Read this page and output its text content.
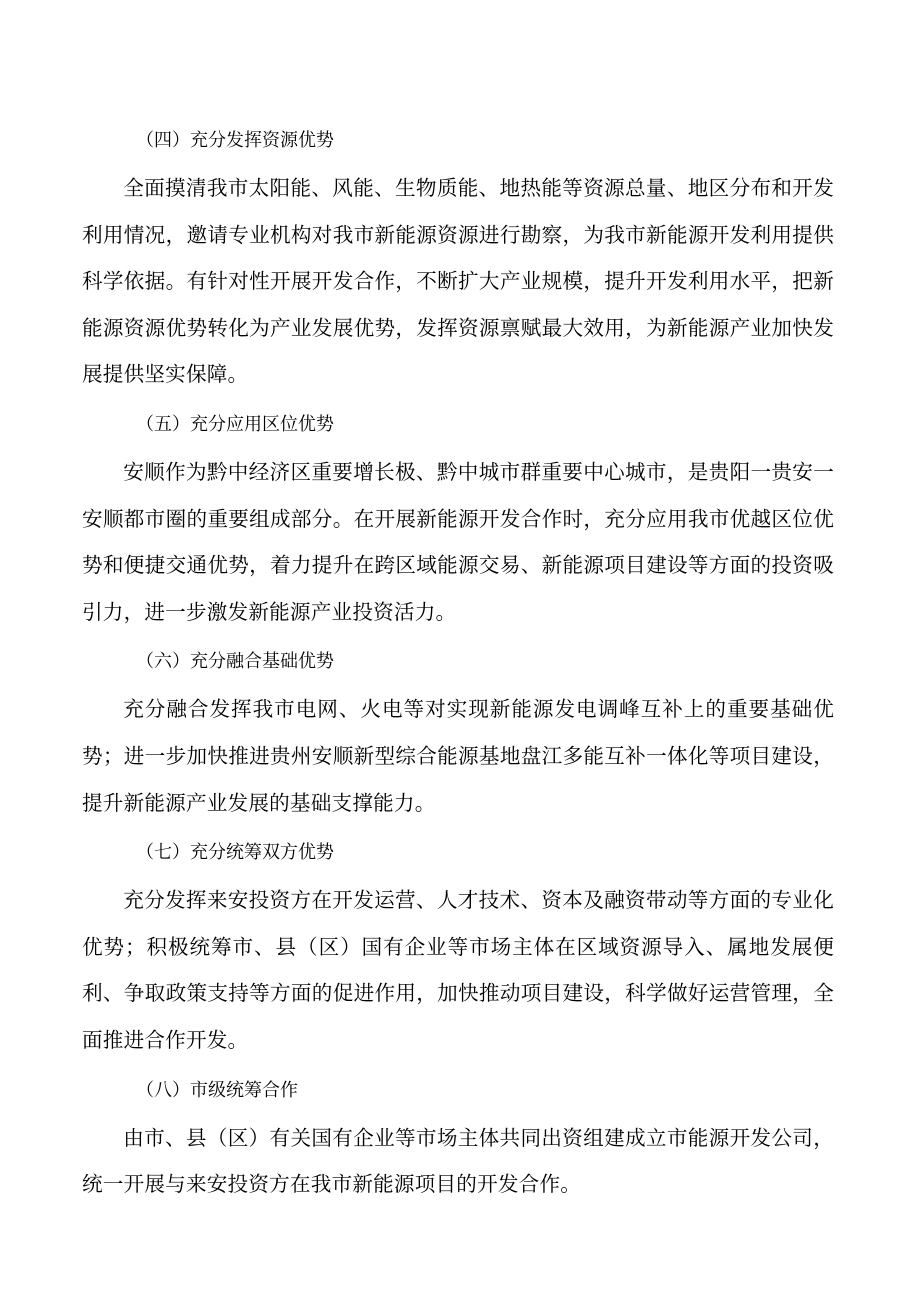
（四）充分发挥资源优势

全面摸清我市太阳能、风能、生物质能、地热能等资源总量、地区分布和开发利用情况，邀请专业机构对我市新能源资源进行勘察，为我市新能源开发利用提供科学依据。有针对性开展开发合作，不断扩大产业规模，提升开发利用水平，把新能源资源优势转化为产业发展优势，发挥资源禀赋最大效用，为新能源产业加快发展提供坚实保障。

（五）充分应用区位优势

安顺作为黔中经济区重要增长极、黔中城市群重要中心城市，是贵阳一贵安一安顺都市圈的重要组成部分。在开展新能源开发合作时，充分应用我市优越区位优势和便捷交通优势，着力提升在跨区域能源交易、新能源项目建设等方面的投资吸引力，进一步激发新能源产业投资活力。

（六）充分融合基础优势

充分融合发挥我市电网、火电等对实现新能源发电调峰互补上的重要基础优势；进一步加快推进贵州安顺新型综合能源基地盘江多能互补一体化等项目建设，提升新能源产业发展的基础支撑能力。

（七）充分统筹双方优势

充分发挥来安投资方在开发运营、人才技术、资本及融资带动等方面的专业化优势；积极统筹市、县（区）国有企业等市场主体在区域资源导入、属地发展便利、争取政策支持等方面的促进作用，加快推动项目建设，科学做好运营管理，全面推进合作开发。

（八）市级统筹合作

由市、县（区）有关国有企业等市场主体共同出资组建成立市能源开发公司，统一开展与来安投资方在我市新能源项目的开发合作。
